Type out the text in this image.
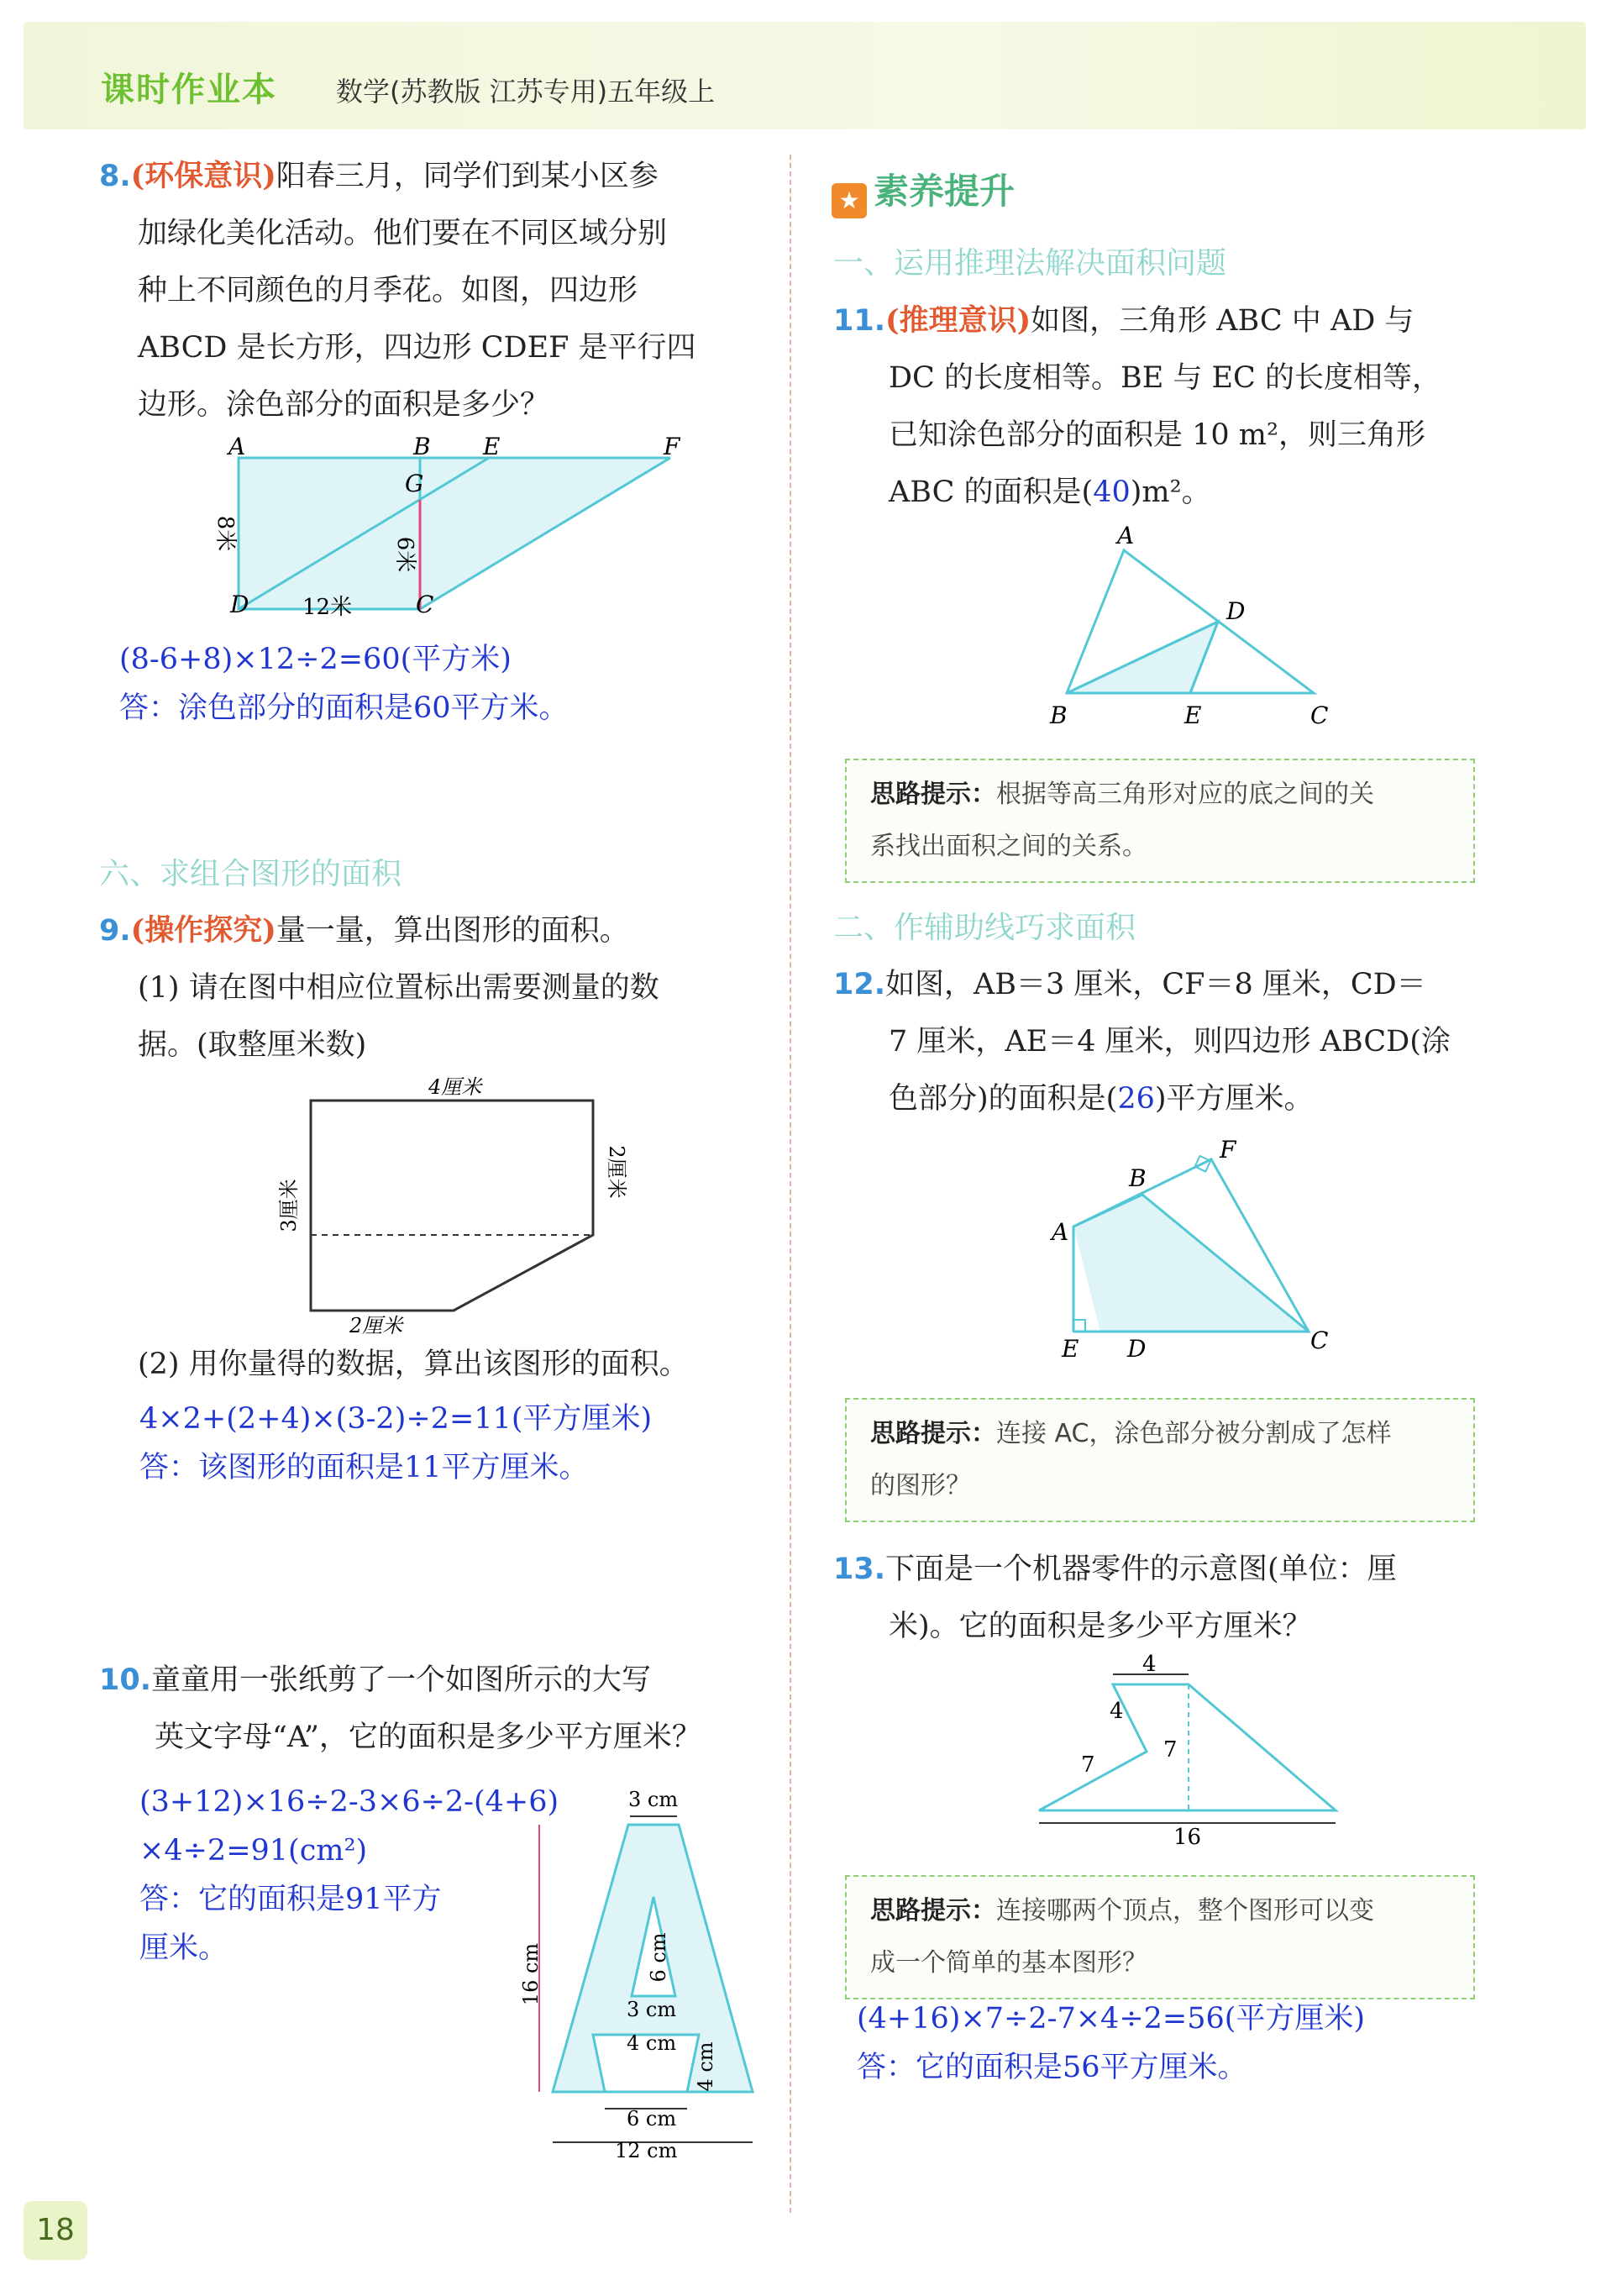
课时作业本 数学(苏教版 江苏专用)五年级上
8.(环保意识)阳春三月，同学们到某小区参
加绿化美化活动。他们要在不同区域分别
种上不同颜色的月季花。如图，四边形
ABCD 是长方形，四边形 CDEF 是平行四
边形。涂色部分的面积是多少？
A	B E	F
G
D	C
8米
6米
12米
(8-6+8)×12÷2=60(平方米)
答：涂色部分的面积是60平方米。
六、求组合图形的面积
9.(操作探究)量一量，算出图形的面积。
(1) 请在图中相应位置标出需要测量的数
据。(取整厘米数)
4厘米
3厘米
2厘米
2厘米
(2) 用你量得的数据，算出该图形的面积。
4×2+(2+4)×(3-2)÷2=11(平方厘米)
答：该图形的面积是11平方厘米。
10.童童用一张纸剪了一个如图所示的大写
英文字母“A”，它的面积是多少平方厘米？
(3+12)×16÷2-3×6÷2-(4+6)
×4÷2=91(cm²)
答：它的面积是91平方
厘米。
3 cm
16 cm	6 cm
3 cm
4 cm 4 cm
6 cm
12 cm
★ 素养提升
一、运用推理法解决面积问题
11.(推理意识)如图，三角形 ABC 中 AD 与
DC 的长度相等。BE 与 EC 的长度相等，
已知涂色部分的面积是 10 m²，则三角形
ABC 的面积是(40)m²。
A
D
B	E	C
思路提示：根据等高三角形对应的底之间的关
系找出面积之间的关系。
二、作辅助线巧求面积
12.如图，AB＝3 厘米，CF＝8 厘米，CD＝
7 厘米，AE＝4 厘米，则四边形 ABCD(涂
色部分)的面积是(26)平方厘米。
F
B
A
E D	C
思路提示：连接 AC，涂色部分被分割成了怎样
的图形？
13.下面是一个机器零件的示意图(单位：厘
米)。它的面积是多少平方厘米？
4
4
7
7
16
思路提示：连接哪两个顶点，整个图形可以变
成一个简单的基本图形？
(4+16)×7÷2-7×4÷2=56(平方厘米)
答：它的面积是56平方厘米。
18
